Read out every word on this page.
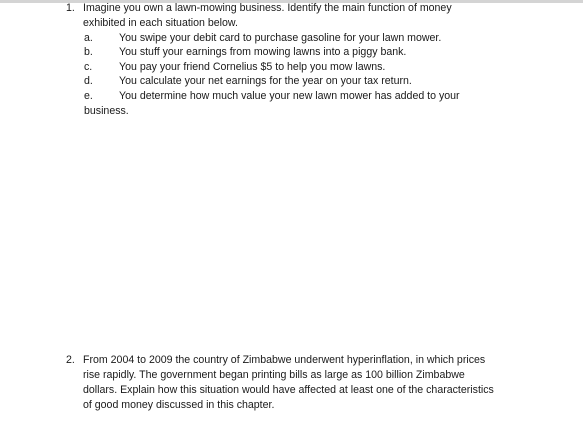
1. Imagine you own a lawn-mowing business. Identify the main function of money
exhibited in each situation below.
a. You swipe your debit card to purchase gasoline for your lawn mower.
b. You stuff your earnings from mowing lawns into a piggy bank.
c.	You pay your friend Cornelius $5 to help you mow lawns.
d. You calculate your net earnings for the year on your tax return.
e. You determine how much value your new lawn mower has added to your
business.
2. From 2004 to 2009 the country of Zimbabwe underwent hyperinflation, in which prices
rise rapidly. The government began printing bills as large as 100 billion Zimbabwe
dollars. Explain how this situation would have affected at least one of the characteristics
of good money discussed in this chapter.
